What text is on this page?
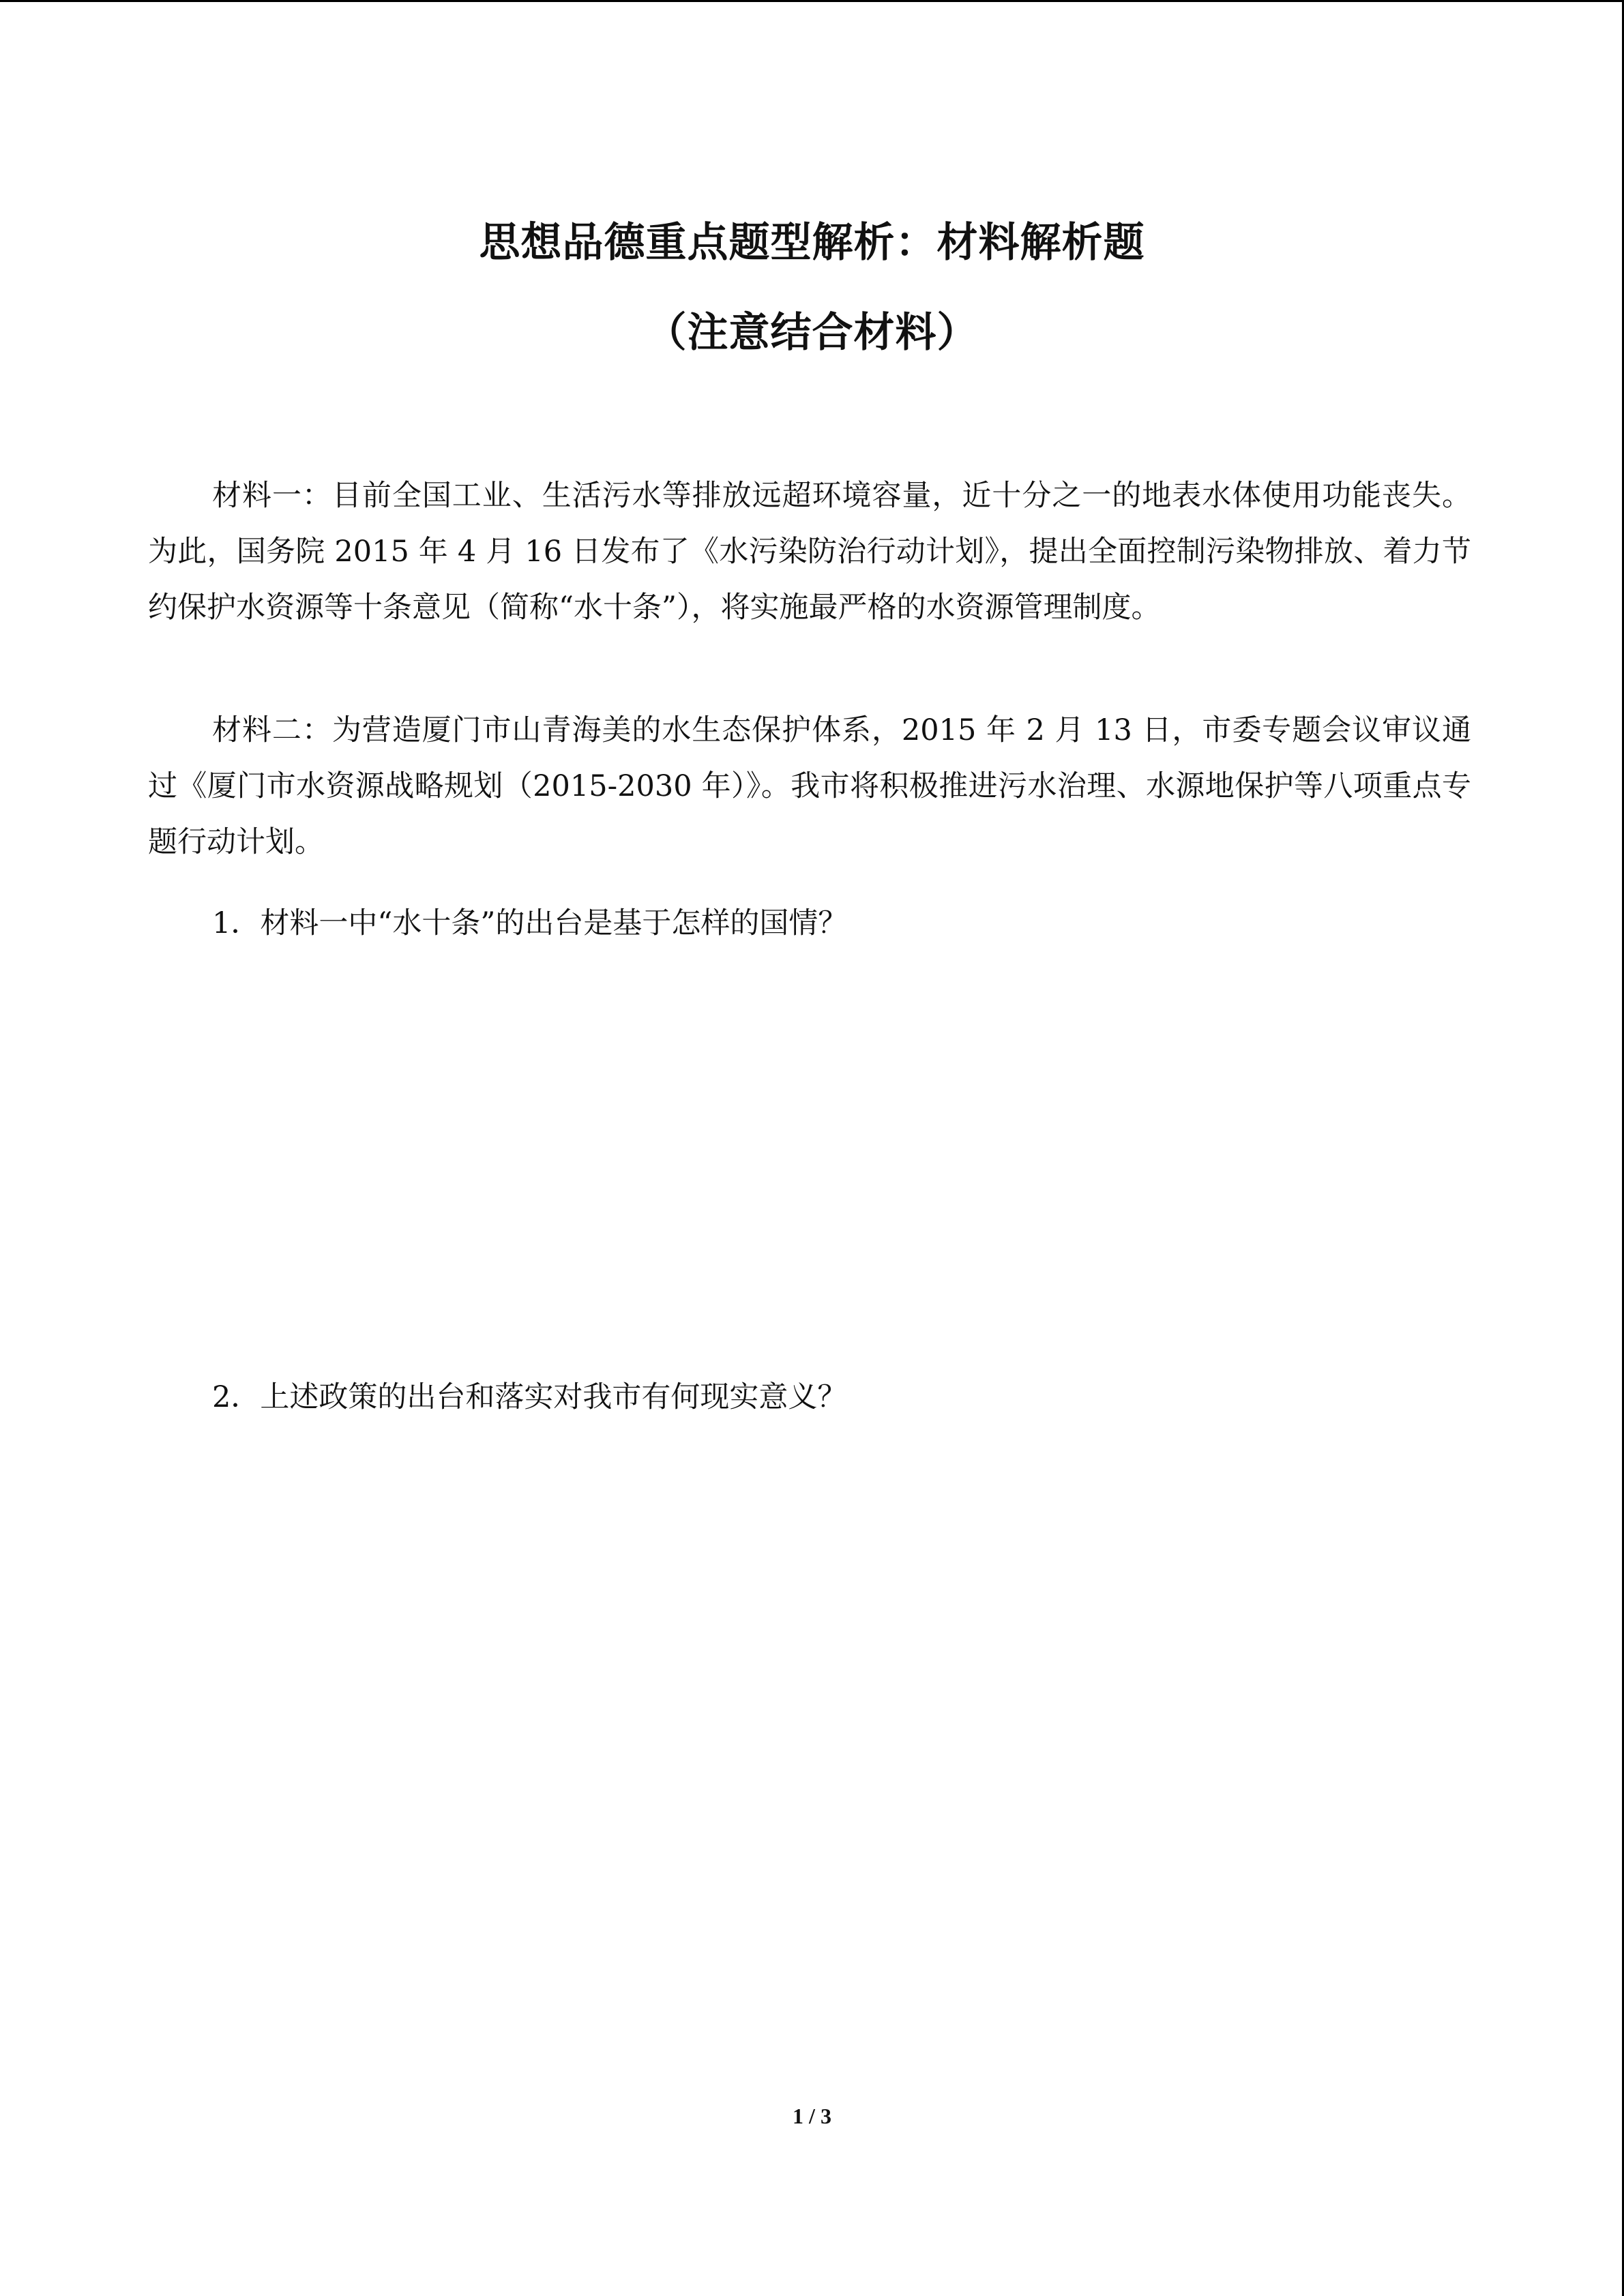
思想品德重点题型解析：材料解析题
（注意结合材料）

材料一：目前全国工业、生活污水等排放远超环境容量，近十分之一的地表水体使用功能丧失。为此，国务院 2015 年 4 月 16 日发布了《水污染防治行动计划》，提出全面控制污染物排放、着力节约保护水资源等十条意见（简称“水十条”），将实施最严格的水资源管理制度。

材料二：为营造厦门市山青海美的水生态保护体系，2015 年 2 月 13 日，市委专题会议审议通过《厦门市水资源战略规划（2015-2030 年）》。我市将积极推进污水治理、水源地保护等八项重点专题行动计划。

1．材料一中“水十条”的出台是基于怎样的国情？

2．上述政策的出台和落实对我市有何现实意义？

1 / 3
